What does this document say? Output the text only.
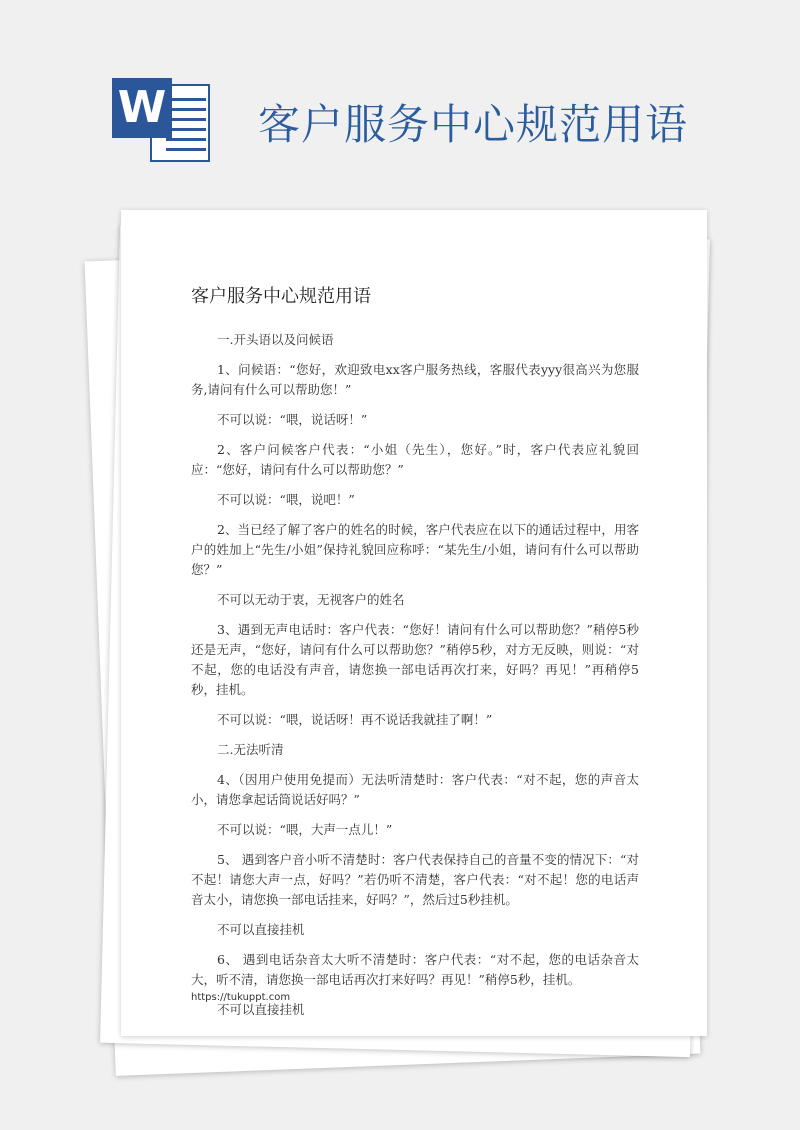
W 客户服务中心规范用语
客户服务中心规范用语

一.开头语以及问候语

1、问候语：“您好，欢迎致电xx客户服务热线，客服代表yyy很高兴为您服务,请问有什么可以帮助您！”

不可以说：“喂，说话呀！”

2、客户问候客户代表：“小姐（先生），您好。”时，客户代表应礼貌回应：“您好，请问有什么可以帮助您？”

不可以说：“喂，说吧！”

2、当已经了解了客户的姓名的时候，客户代表应在以下的通话过程中，用客户的姓加上“先生/小姐”保持礼貌回应称呼：“某先生/小姐，请问有什么可以帮助您？”

不可以无动于衷，无视客户的姓名

3、遇到无声电话时：客户代表：“您好！请问有什么可以帮助您？”稍停5秒还是无声，“您好，请问有什么可以帮助您？”稍停5秒，对方无反映，则说：“对不起，您的电话没有声音，请您换一部电话再次打来，好吗？再见！”再稍停5秒，挂机。

不可以说：“喂，说话呀！再不说话我就挂了啊！”

二.无法听清

4、（因用户使用免提而）无法听清楚时：客户代表：“对不起，您的声音太小，请您拿起话筒说话好吗？”

不可以说：“喂，大声一点儿！”

5、 遇到客户音小听不清楚时：客户代表保持自己的音量不变的情况下：“对不起！请您大声一点，好吗？”若仍听不清楚，客户代表：“对不起！您的电话声音太小，请您换一部电话挂来，好吗？”，然后过5秒挂机。

不可以直接挂机

6、 遇到电话杂音太大听不清楚时：客户代表：“对不起，您的电话杂音太大，听不清，请您换一部电话再次打来好吗？再见！”稍停5秒，挂机。

不可以直接挂机

https://tukuppt.com
